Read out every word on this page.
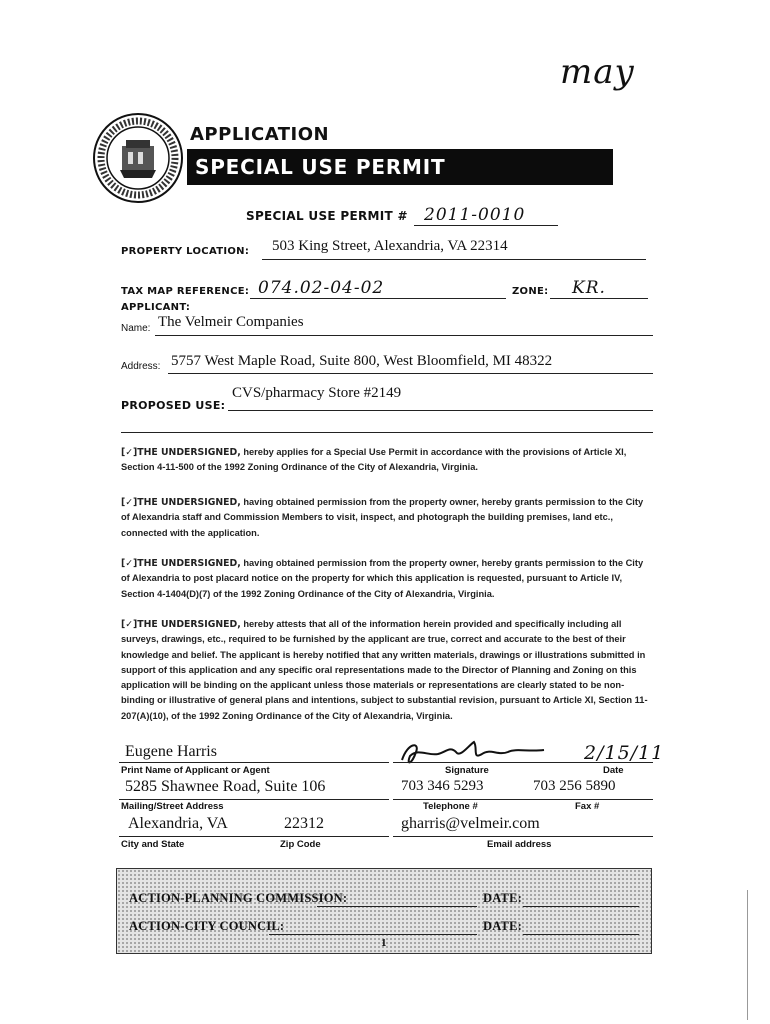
may
APPLICATION
SPECIAL USE PERMIT
SPECIAL USE PERMIT # 2011-0010
PROPERTY LOCATION: 503 King Street, Alexandria, VA 22314
TAX MAP REFERENCE: 074.02-04-02	ZONE: KR.
APPLICANT:
Name: The Velmeir Companies
Address: 5757 West Maple Road, Suite 800, West Bloomfield, MI 48322
PROPOSED USE:
CVS/pharmacy Store #2149
[✓]THE UNDERSIGNED, hereby applies for a Special Use Permit in accordance with the provisions of Article XI, Section 4-11-500 of the 1992 Zoning Ordinance of the City of Alexandria, Virginia.
[✓]THE UNDERSIGNED, having obtained permission from the property owner, hereby grants permission to the City of Alexandria staff and Commission Members to visit, inspect, and photograph the building premises, land etc., connected with the application.
[✓]THE UNDERSIGNED, having obtained permission from the property owner, hereby grants permission to the City of Alexandria to post placard notice on the property for which this application is requested, pursuant to Article IV, Section 4-1404(D)(7) of the 1992 Zoning Ordinance of the City of Alexandria, Virginia.
[✓]THE UNDERSIGNED, hereby attests that all of the information herein provided and specifically including all surveys, drawings, etc., required to be furnished by the applicant are true, correct and accurate to the best of their knowledge and belief. The applicant is hereby notified that any written materials, drawings or illustrations submitted in support of this application and any specific oral representations made to the Director of Planning and Zoning on this application will be binding on the applicant unless those materials or representations are clearly stated to be non-binding or illustrative of general plans and intentions, subject to substantial revision, pursuant to Article XI, Section 11-207(A)(10), of the 1992 Zoning Ordinance of the City of Alexandria, Virginia.
Eugene Harris
Print Name of Applicant or Agent
2/15/11
Signature	Date
5285 Shawnee Road, Suite 106
Mailing/Street Address
703 346 5293	703 256 5890
Telephone #	Fax #
Alexandria, VA	22312
City and State	Zip Code
gharris@velmeir.com
Email address
ACTION-PLANNING COMMISSION:	DATE:
ACTION-CITY COUNCIL:	DATE:
1
